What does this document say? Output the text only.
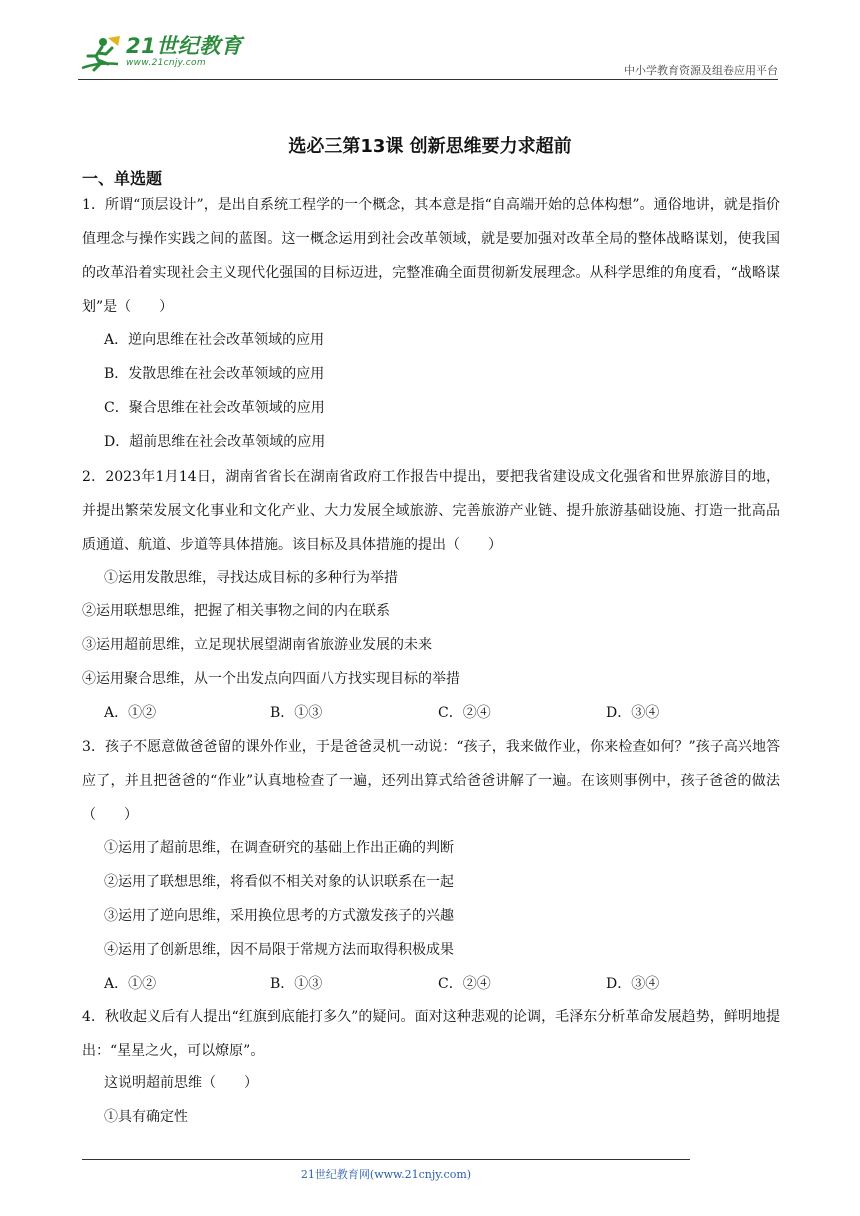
21世纪教育
www.21cnjy.com
中小学教育资源及组卷应用平台
选必三第13课 创新思维要力求超前
一、单选题
1．所谓“顶层设计”，是出自系统工程学的一个概念，其本意是指“自高端开始的总体构想”。通俗地讲，就是指价值理念与操作实践之间的蓝图。这一概念运用到社会改革领域，就是要加强对改革全局的整体战略谋划，使我国的改革沿着实现社会主义现代化强国的目标迈进，完整准确全面贯彻新发展理念。从科学思维的角度看，“战略谋划”是（　　）
A．逆向思维在社会改革领域的应用
B．发散思维在社会改革领域的应用
C．聚合思维在社会改革领域的应用
D．超前思维在社会改革领域的应用
2．2023年1月14日，湖南省省长在湖南省政府工作报告中提出，要把我省建设成文化强省和世界旅游目的地，并提出繁荣发展文化事业和文化产业、大力发展全域旅游、完善旅游产业链、提升旅游基础设施、打造一批高品质通道、航道、步道等具体措施。该目标及具体措施的提出（　　）
①运用发散思维，寻找达成目标的多种行为举措
②运用联想思维，把握了相关事物之间的内在联系
③运用超前思维，立足现状展望湖南省旅游业发展的未来
④运用聚合思维，从一个出发点向四面八方找实现目标的举措
A．①②	B．①③	C．②④	D．③④
3．孩子不愿意做爸爸留的课外作业，于是爸爸灵机一动说：“孩子，我来做作业，你来检查如何？”孩子高兴地答应了，并且把爸爸的“作业”认真地检查了一遍，还列出算式给爸爸讲解了一遍。在该则事例中，孩子爸爸的做法（　　）
①运用了超前思维，在调查研究的基础上作出正确的判断
②运用了联想思维，将看似不相关对象的认识联系在一起
③运用了逆向思维，采用换位思考的方式激发孩子的兴趣
④运用了创新思维，因不局限于常规方法而取得积极成果
A．①②	B．①③	C．②④	D．③④
4．秋收起义后有人提出“红旗到底能打多久”的疑问。面对这种悲观的论调，毛泽东分析革命发展趋势，鲜明地提出：“星星之火，可以燎原”。
这说明超前思维（　　）
①具有确定性
21世纪教育网(www.21cnjy.com)
